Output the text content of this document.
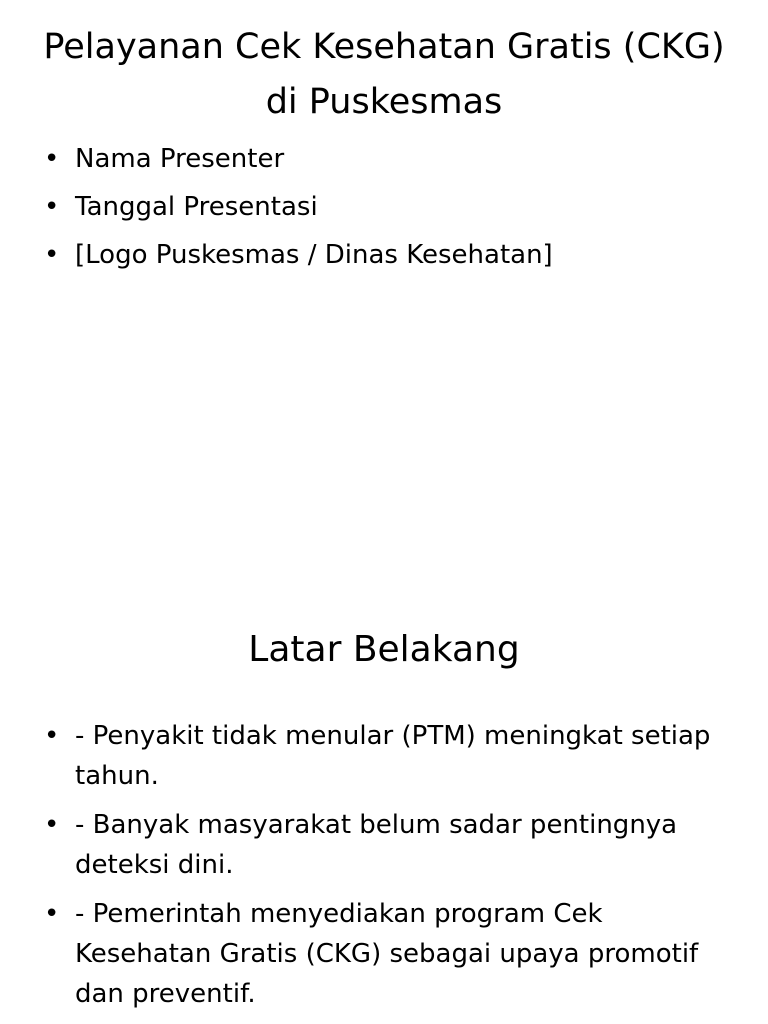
Pelayanan Cek Kesehatan Gratis (CKG) di Puskesmas
• Nama Presenter
• Tanggal Presentasi
• [Logo Puskesmas / Dinas Kesehatan]
Latar Belakang
• - Penyakit tidak menular (PTM) meningkat setiap tahun.
• - Banyak masyarakat belum sadar pentingnya deteksi dini.
• - Pemerintah menyediakan program Cek Kesehatan Gratis (CKG) sebagai upaya promotif dan preventif.
